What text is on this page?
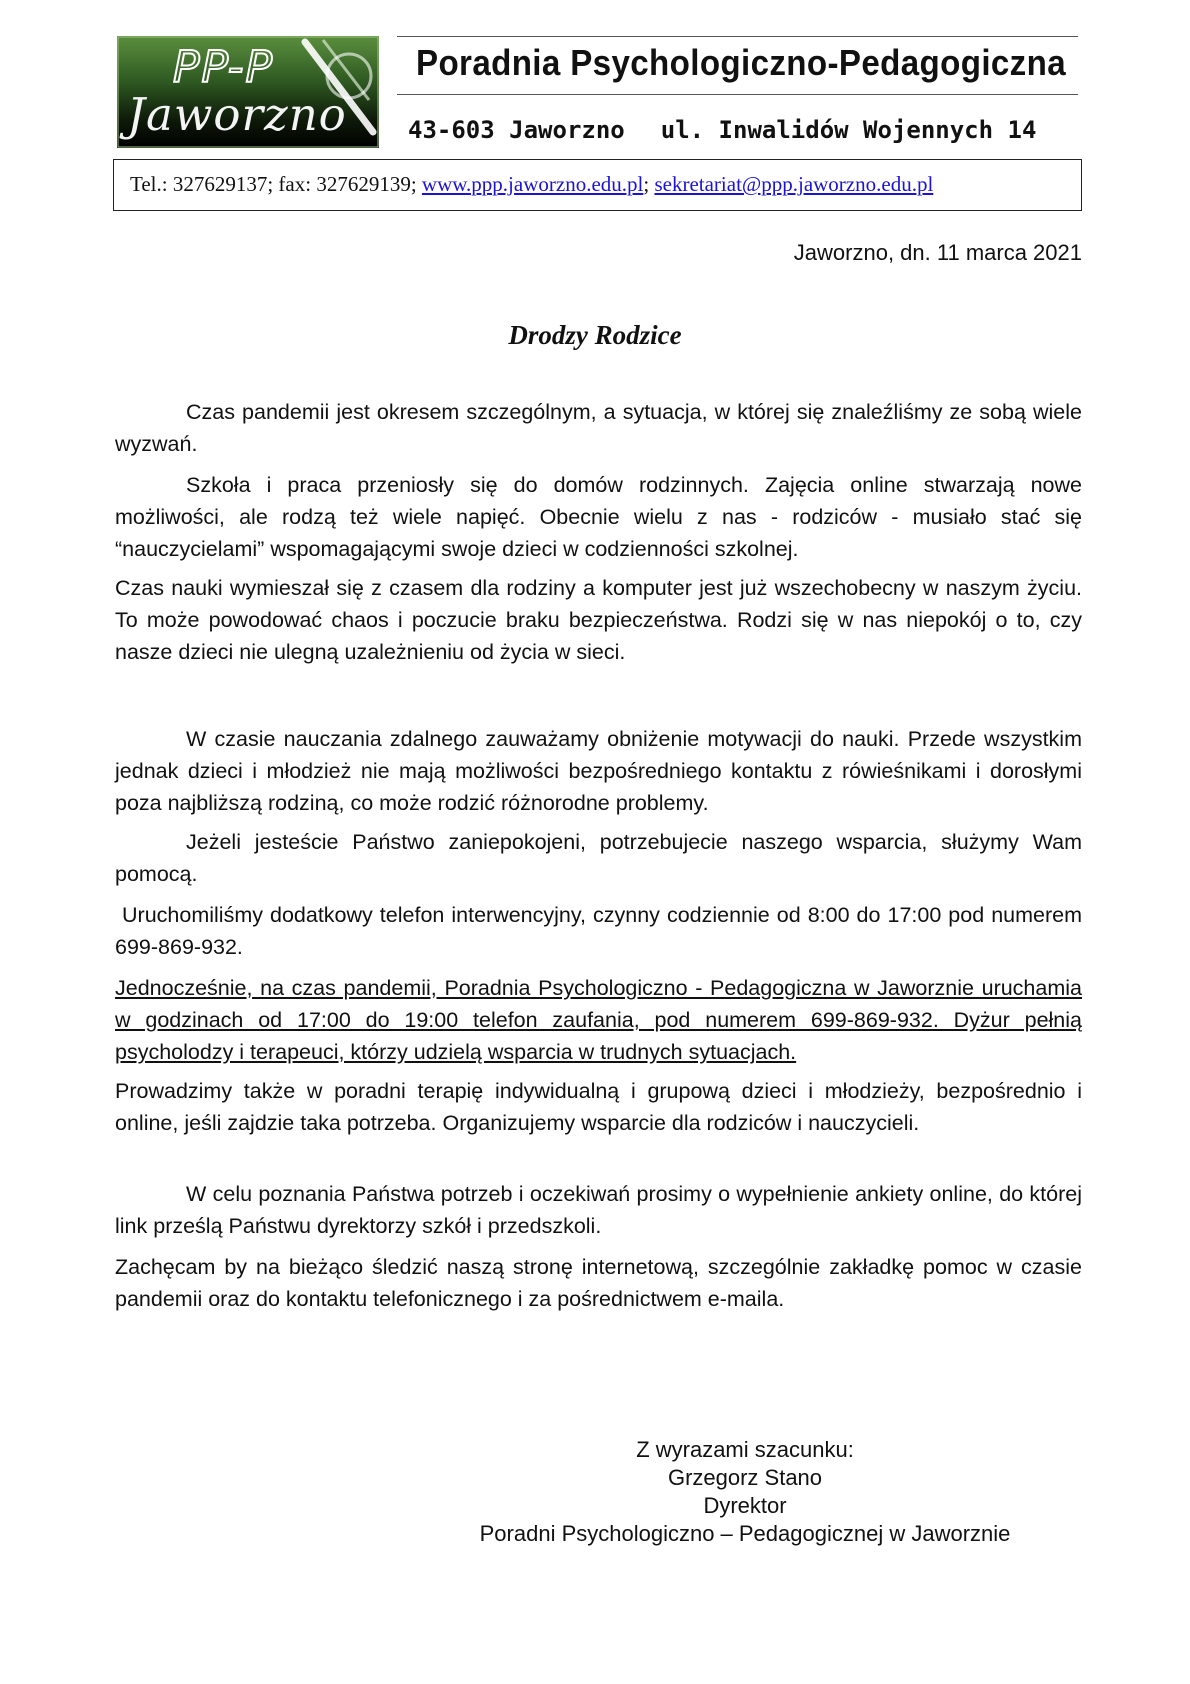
PP-P
Jaworzno
Poradnia Psychologiczno-Pedagogiczna
43-603 Jaworzno ul. Inwalidów Wojennych 14
Tel.: 327629137; fax: 327629139; www.ppp.jaworzno.edu.pl; sekretariat@ppp.jaworzno.edu.pl
Jaworzno, dn. 11 marca 2021
Drodzy Rodzice

Czas pandemii jest okresem szczególnym, a sytuacja, w której się znaleźliśmy ze sobą wiele wyzwań.

Szkoła i praca przeniosły się do domów rodzinnych. Zajęcia online stwarzają nowe możliwości, ale rodzą też wiele napięć. Obecnie wielu z nas - rodziców - musiało stać się “nauczycielami” wspomagającymi swoje dzieci w codzienności szkolnej.

Czas nauki wymieszał się z czasem dla rodziny a komputer jest już wszechobecny w naszym życiu. To może powodować chaos i poczucie braku bezpieczeństwa. Rodzi się w nas niepokój o to, czy nasze dzieci nie ulegną uzależnieniu od życia w sieci.

W czasie nauczania zdalnego zauważamy obniżenie motywacji do nauki. Przede wszystkim jednak dzieci i młodzież nie mają możliwości bezpośredniego kontaktu z rówieśnikami i dorosłymi poza najbliższą rodziną, co może rodzić różnorodne problemy.

Jeżeli jesteście Państwo zaniepokojeni, potrzebujecie naszego wsparcia, służymy Wam pomocą.

Uruchomiliśmy dodatkowy telefon interwencyjny, czynny codziennie od 8:00 do 17:00 pod numerem 699-869-932.

Jednocześnie, na czas pandemii, Poradnia Psychologiczno - Pedagogiczna w Jaworznie uruchamia w godzinach od 17:00 do 19:00 telefon zaufania, pod numerem 699-869-932. Dyżur pełnią psycholodzy i terapeuci, którzy udzielą wsparcia w trudnych sytuacjach.

Prowadzimy także w poradni terapię indywidualną i grupową dzieci i młodzieży, bezpośrednio i online, jeśli zajdzie taka potrzeba. Organizujemy wsparcie dla rodziców i nauczycieli.

W celu poznania Państwa potrzeb i oczekiwań prosimy o wypełnienie ankiety online, do której link prześlą Państwu dyrektorzy szkół i przedszkoli.

Zachęcam by na bieżąco śledzić naszą stronę internetową, szczególnie zakładkę pomoc w czasie pandemii oraz do kontaktu telefonicznego i za pośrednictwem e-maila.

Z wyrazami szacunku:
Grzegorz Stano
Dyrektor
Poradni Psychologiczno – Pedagogicznej w Jaworznie
